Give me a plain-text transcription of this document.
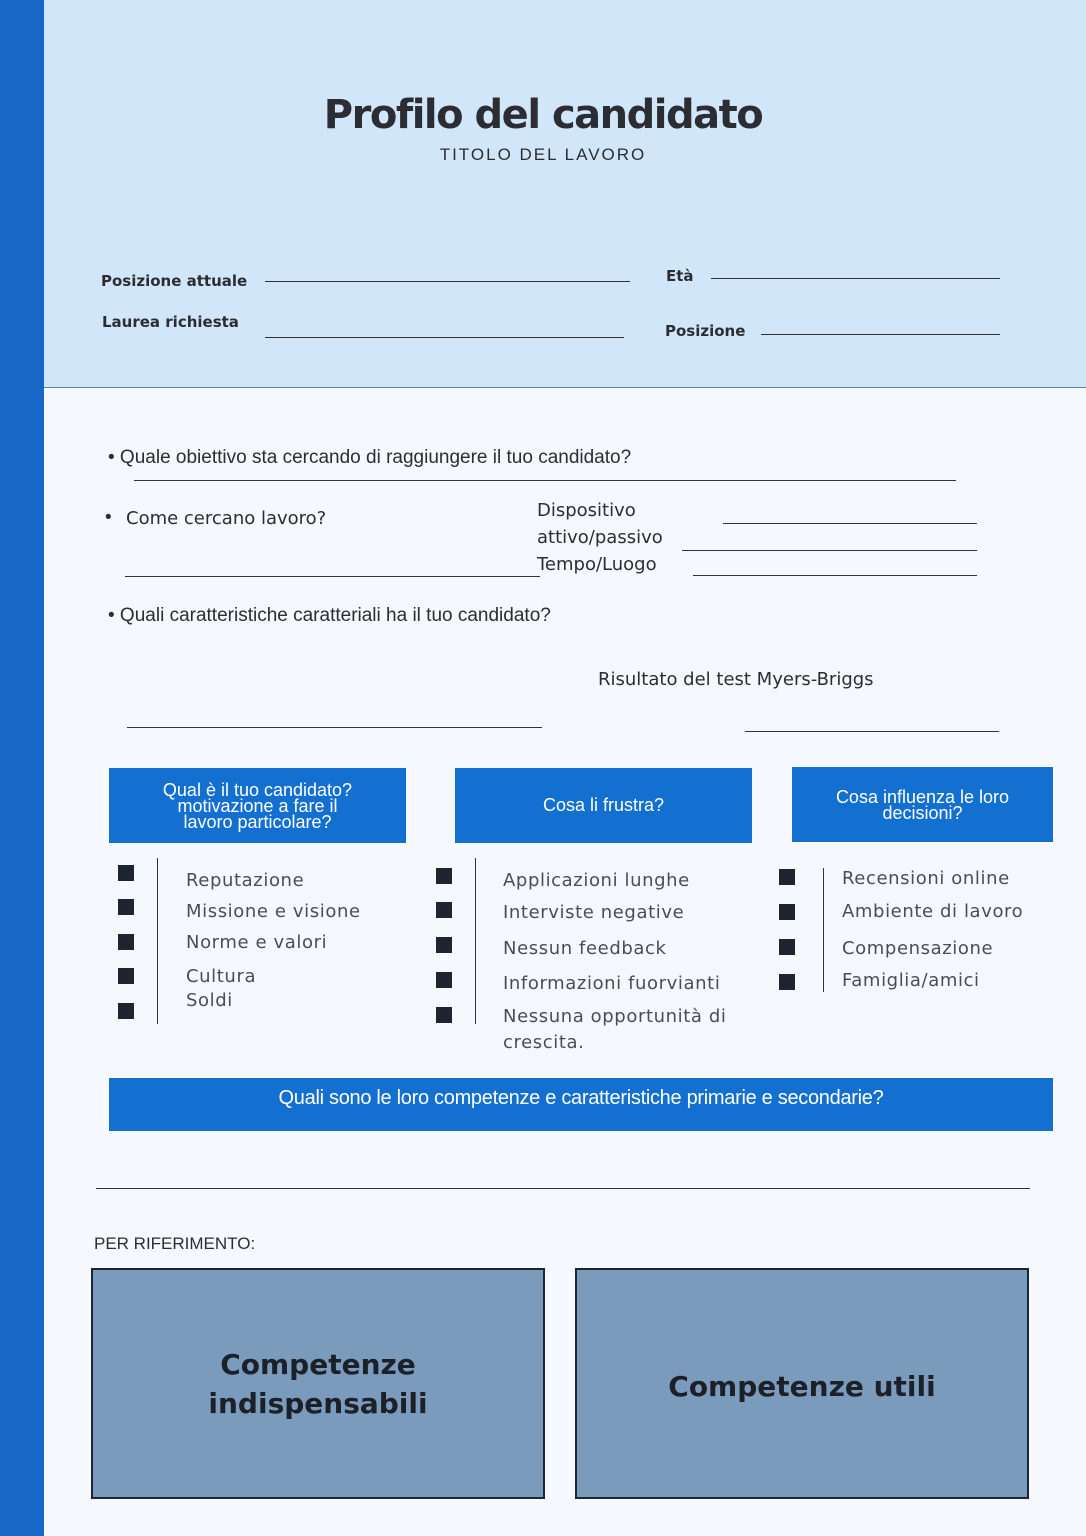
Profilo del candidato
TITOLO DEL LAVORO
Posizione attuale	Età
Laurea richiesta	Posizione
• Quale obiettivo sta cercando di raggiungere il tuo candidato?
• Come cercano lavoro?	Dispositivo
attivo/passivo
Tempo/Luogo
• Quali caratteristiche caratteriali ha il tuo candidato?
Risultato del test Myers-Briggs
Qual è il tuo candidato?
motivazione a fare il
lavoro particolare?
Cosa li frustra?	Cosa influenza le loro
decisioni?
Reputazione
Missione e visione
Norme e valori
Cultura
Soldi
Applicazioni lunghe
Interviste negative
Nessun feedback
Informazioni fuorvianti
Nessuna opportunità di
crescita.
Recensioni online
Ambiente di lavoro
Compensazione
Famiglia/amici
Quali sono le loro competenze e caratteristiche primarie e secondarie?
PER RIFERIMENTO:
Competenze
indispensabili	Competenze utili
